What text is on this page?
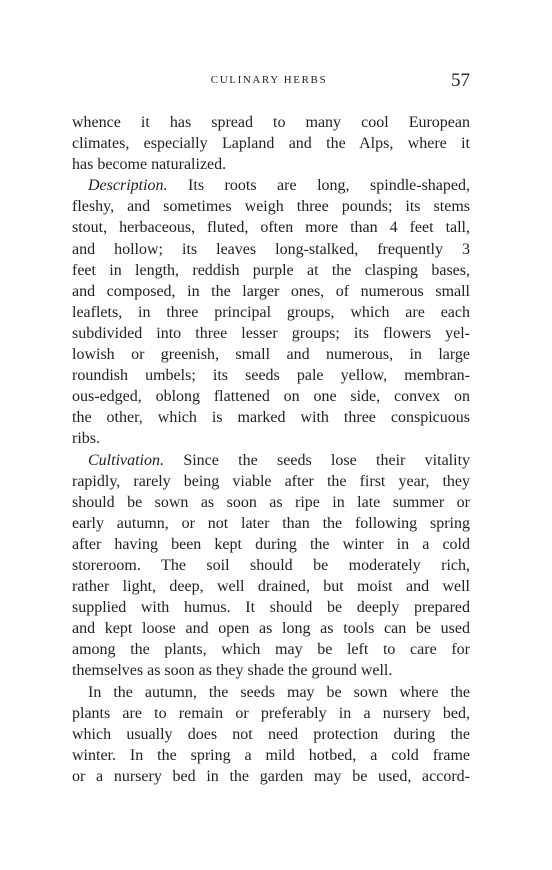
CULINARY HERBS	57
whence it has spread to many cool European
climates, especially Lapland and the Alps, where it
has become naturalized.
Description. Its roots are long, spindle-shaped,
fleshy, and sometimes weigh three pounds; its stems
stout, herbaceous, fluted, often more than 4 feet tall,
and hollow; its leaves long-stalked, frequently 3
feet in length, reddish purple at the clasping bases,
and composed, in the larger ones, of numerous small
leaflets, in three principal groups, which are each
subdivided into three lesser groups; its flowers yel-
lowish or greenish, small and numerous, in large
roundish umbels; its seeds pale yellow, membran-
ous-edged, oblong flattened on one side, convex on
the other, which is marked with three conspicuous
ribs.
Cultivation. Since the seeds lose their vitality
rapidly, rarely being viable after the first year, they
should be sown as soon as ripe in late summer or
early autumn, or not later than the following spring
after having been kept during the winter in a cold
storeroom. The soil should be moderately rich,
rather light, deep, well drained, but moist and well
supplied with humus. It should be deeply prepared
and kept loose and open as long as tools can be used
among the plants, which may be left to care for
themselves as soon as they shade the ground well.
In the autumn, the seeds may be sown where the
plants are to remain or preferably in a nursery bed,
which usually does not need protection during the
winter. In the spring a mild hotbed, a cold frame
or a nursery bed in the garden may be used, accord-
